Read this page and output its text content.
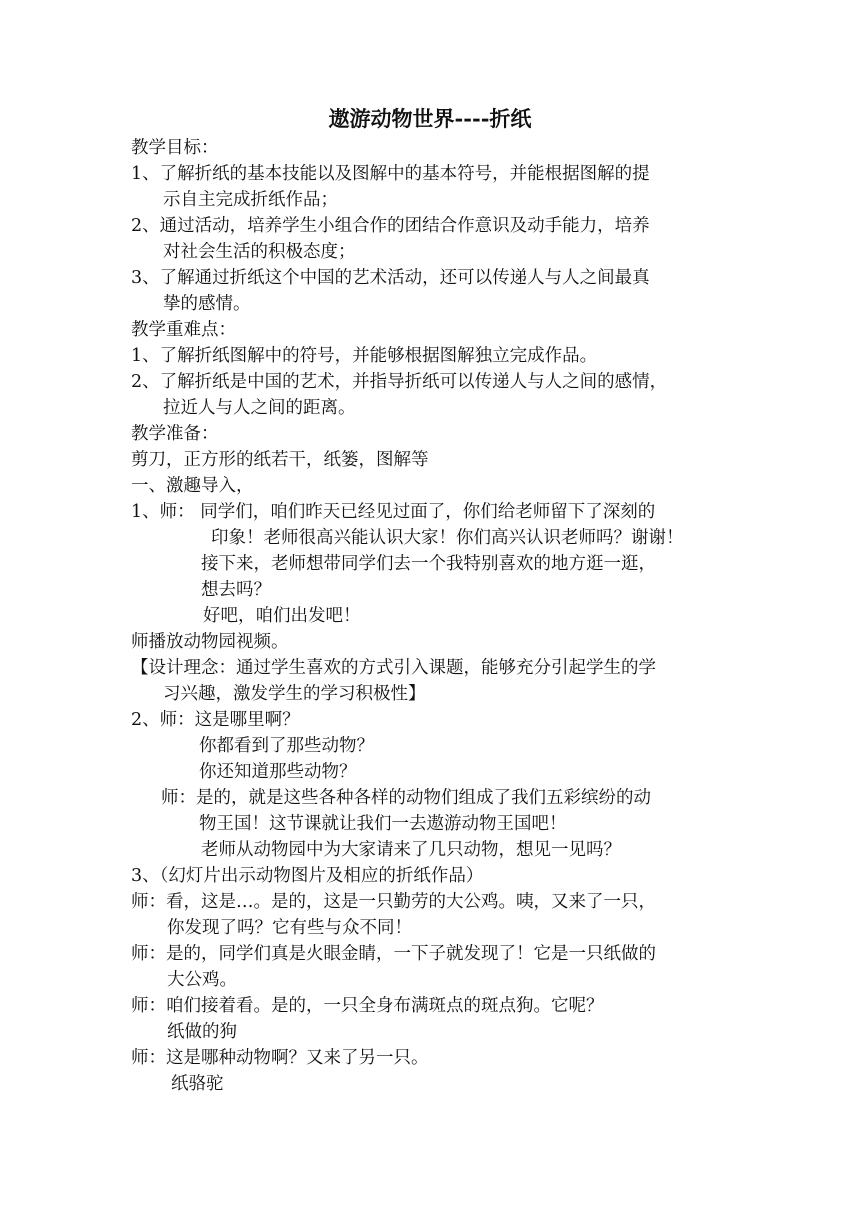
遨游动物世界----折纸
教学目标：
1、了解折纸的基本技能以及图解中的基本符号，并能根据图解的提
示自主完成折纸作品；
2、通过活动，培养学生小组合作的团结合作意识及动手能力，培养
对社会生活的积极态度；
3、了解通过折纸这个中国的艺术活动，还可以传递人与人之间最真
挚的感情。
教学重难点：
1、了解折纸图解中的符号，并能够根据图解独立完成作品。
2、了解折纸是中国的艺术，并指导折纸可以传递人与人之间的感情，
拉近人与人之间的距离。
教学准备：
剪刀，正方形的纸若干，纸篓，图解等
一、激趣导入，
1、师： 同学们，咱们昨天已经见过面了，你们给老师留下了深刻的
印象！老师很高兴能认识大家！你们高兴认识老师吗？谢谢！
接下来，老师想带同学们去一个我特别喜欢的地方逛一逛，
想去吗？
好吧，咱们出发吧！
师播放动物园视频。
【设计理念：通过学生喜欢的方式引入课题，能够充分引起学生的学
习兴趣，激发学生的学习积极性】
2、师：这是哪里啊？
你都看到了那些动物？
你还知道那些动物？
师：是的，就是这些各种各样的动物们组成了我们五彩缤纷的动
物王国！这节课就让我们一去遨游动物王国吧！
老师从动物园中为大家请来了几只动物，想见一见吗？
3、（幻灯片出示动物图片及相应的折纸作品）
师：看，这是…。是的，这是一只勤劳的大公鸡。咦，又来了一只，
你发现了吗？它有些与众不同！
师：是的，同学们真是火眼金睛，一下子就发现了！它是一只纸做的
大公鸡。
师：咱们接着看。是的，一只全身布满斑点的斑点狗。它呢？
纸做的狗
师：这是哪种动物啊？又来了另一只。
纸骆驼
